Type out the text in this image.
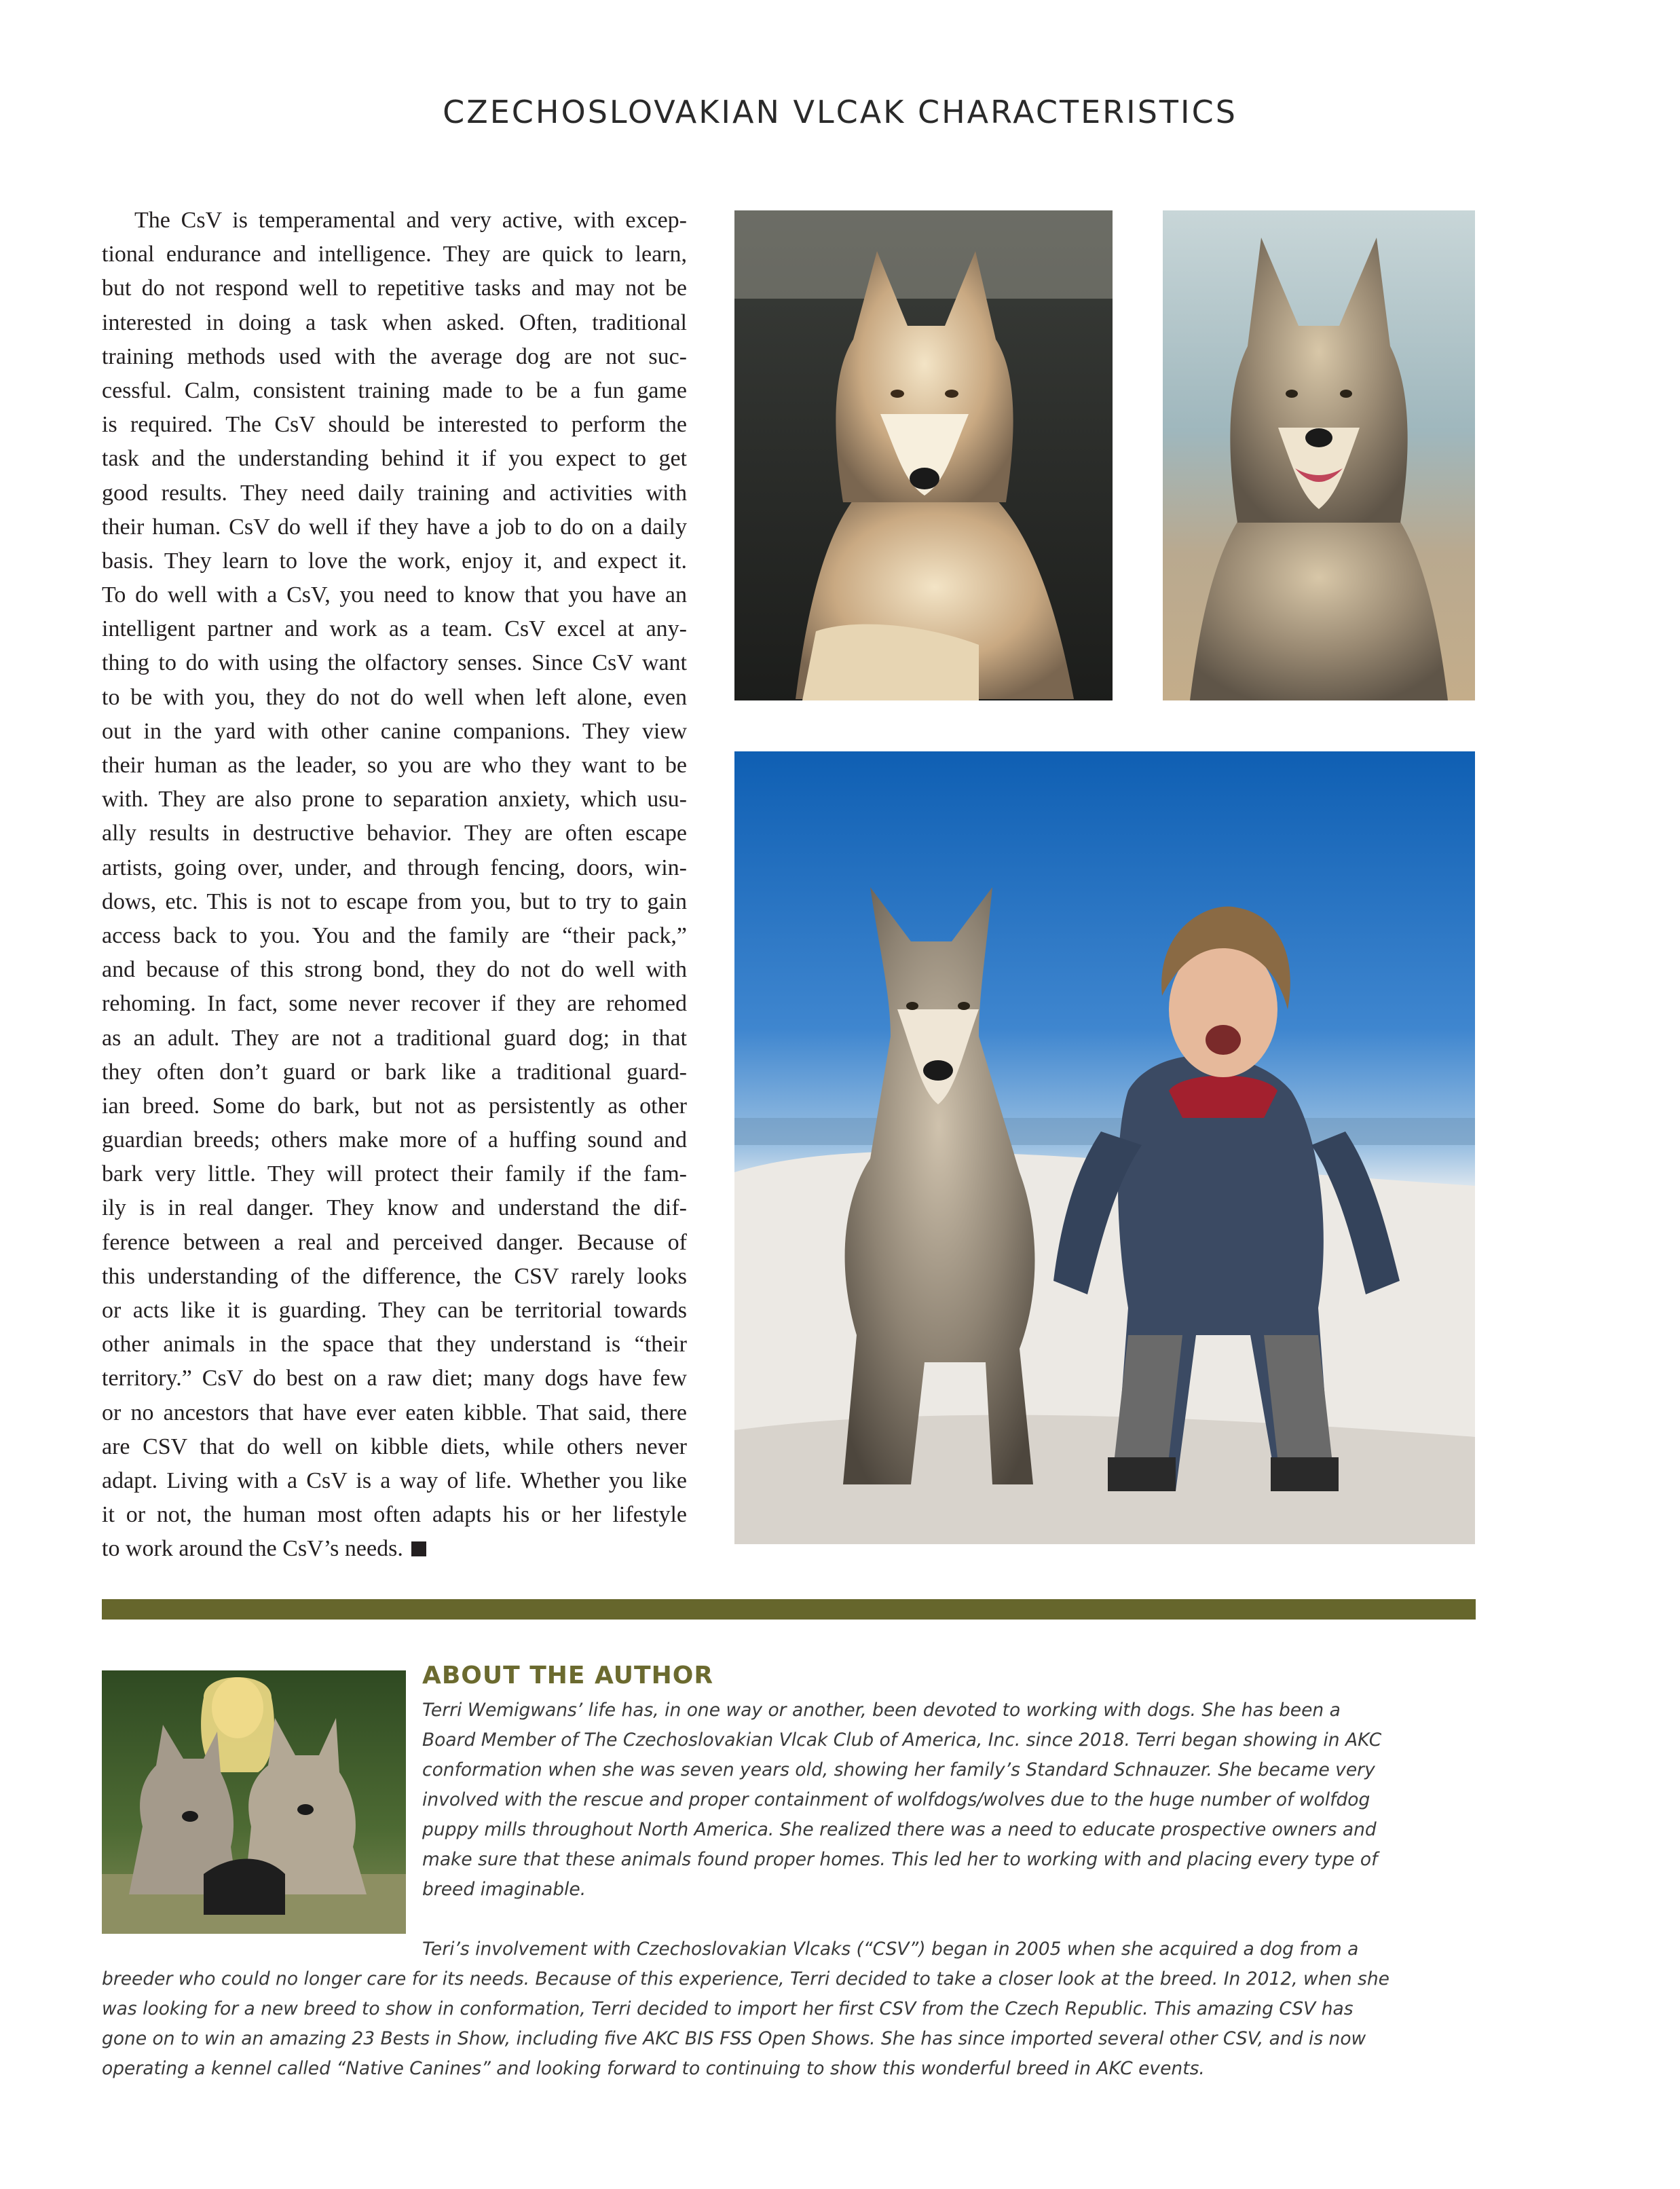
CZECHOSLOVAKIAN VLCAK CHARACTERISTICS
The CsV is temperamental and very active, with excep-
tional endurance and intelligence. They are quick to learn,
but do not respond well to repetitive tasks and may not be
interested in doing a task when asked. Often, traditional
training methods used with the average dog are not suc-
cessful. Calm, consistent training made to be a fun game
is required. The CsV should be interested to perform the
task and the understanding behind it if you expect to get
good results. They need daily training and activities with
their human. CsV do well if they have a job to do on a daily
basis. They learn to love the work, enjoy it, and expect it.
To do well with a CsV, you need to know that you have an
intelligent partner and work as a team. CsV excel at any-
thing to do with using the olfactory senses. Since CsV want
to be with you, they do not do well when left alone, even
out in the yard with other canine companions. They view
their human as the leader, so you are who they want to be
with. They are also prone to separation anxiety, which usu-
ally results in destructive behavior. They are often escape
artists, going over, under, and through fencing, doors, win-
dows, etc. This is not to escape from you, but to try to gain
access back to you. You and the family are “their pack,”
and because of this strong bond, they do not do well with
rehoming. In fact, some never recover if they are rehomed
as an adult. They are not a traditional guard dog; in that
they often don’t guard or bark like a traditional guard-
ian breed. Some do bark, but not as persistently as other
guardian breeds; others make more of a huffing sound and
bark very little. They will protect their family if the fam-
ily is in real danger. They know and understand the dif-
ference between a real and perceived danger. Because of
this understanding of the difference, the CSV rarely looks
or acts like it is guarding. They can be territorial towards
other animals in the space that they understand is “their
territory.” CsV do best on a raw diet; many dogs have few
or no ancestors that have ever eaten kibble. That said, there
are CSV that do well on kibble diets, while others never
adapt. Living with a CsV is a way of life. Whether you like
it or not, the human most often adapts his or her lifestyle
to work around the CsV’s needs.
ABOUT THE AUTHOR
Terri Wemigwans’ life has, in one way or another, been devoted to working with dogs. She has been a
Board Member of The Czechoslovakian Vlcak Club of America, Inc. since 2018. Terri began showing in AKC
conformation when she was seven years old, showing her family’s Standard Schnauzer. She became very
involved with the rescue and proper containment of wolfdogs/wolves due to the huge number of wolfdog
puppy mills throughout North America. She realized there was a need to educate prospective owners and
make sure that these animals found proper homes. This led her to working with and placing every type of
breed imaginable.
Teri’s involvement with Czechoslovakian Vlcaks (“CSV”) began in 2005 when she acquired a dog from a
breeder who could no longer care for its needs. Because of this experience, Terri decided to take a closer look at the breed. In 2012, when she
was looking for a new breed to show in conformation, Terri decided to import her first CSV from the Czech Republic. This amazing CSV has
gone on to win an amazing 23 Bests in Show, including five AKC BIS FSS Open Shows. She has since imported several other CSV, and is now
operating a kennel called “Native Canines” and looking forward to continuing to show this wonderful breed in AKC events.
